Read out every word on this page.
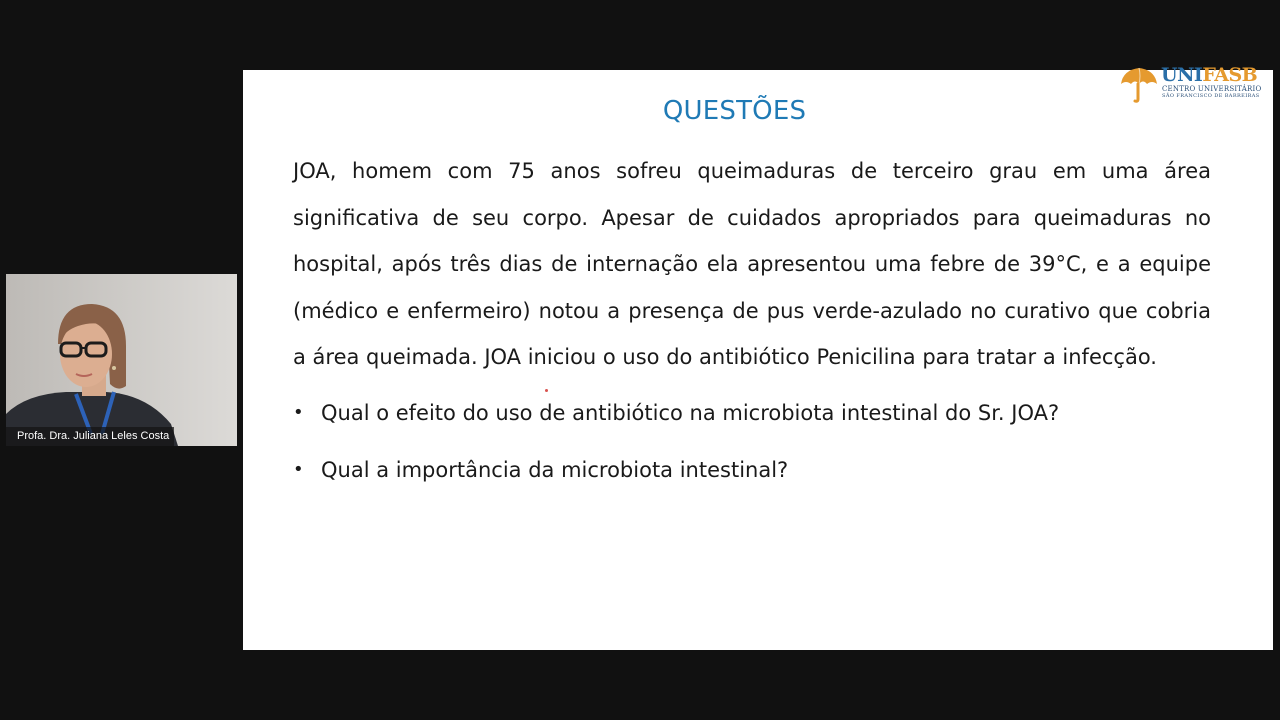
QUESTÕES

JOA, homem com 75 anos sofreu queimaduras de terceiro grau em uma área significativa de seu corpo. Apesar de cuidados apropriados para queimaduras no hospital, após três dias de internação ela apresentou uma febre de 39°C, e a equipe (médico e enfermeiro) notou a presença de pus verde-azulado no curativo que cobria a área queimada. JOA iniciou o uso do antibiótico Penicilina para tratar a infecção.

• Qual o efeito do uso de antibiótico na microbiota intestinal do Sr. JOA?
• Qual a importância da microbiota intestinal?
UNIFASB
CENTRO UNIVERSITÁRIO
SÃO FRANCISCO DE BARREIRAS
Profa. Dra. Juliana Leles Costa
